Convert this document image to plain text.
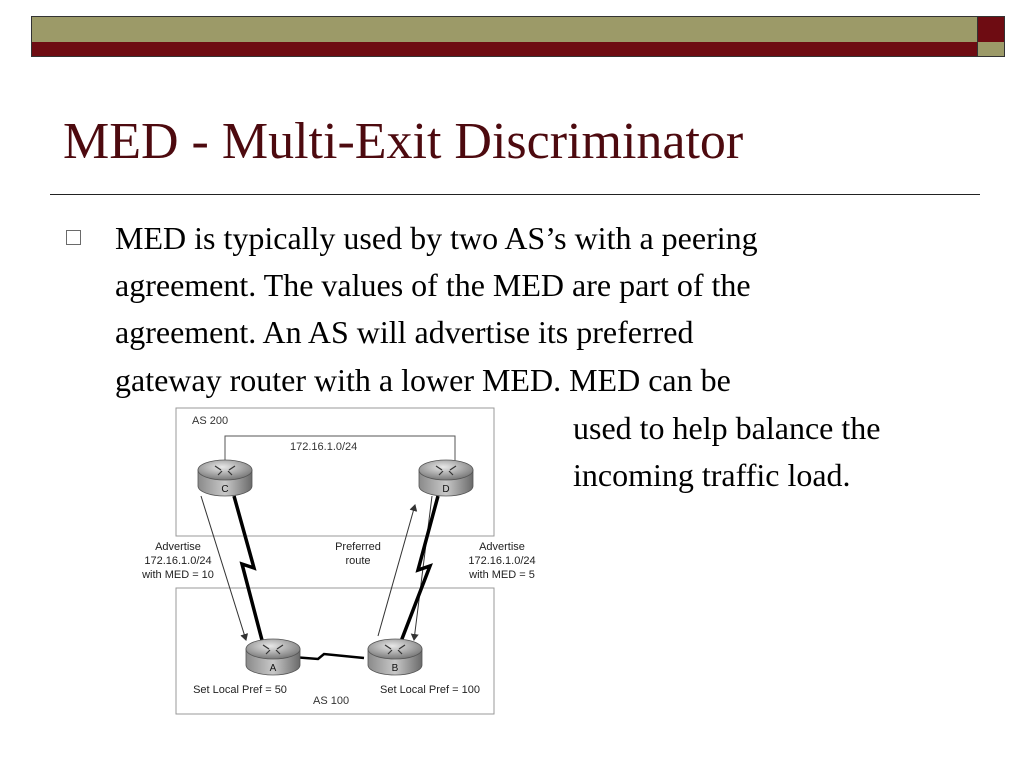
MED - Multi-Exit Discriminator
MED is typically used by two AS’s with a peering
agreement. The values of the MED are part of the
agreement. An AS will advertise its preferred
gateway router with a lower MED. MED can be
used to help balance the
incoming traffic load.
AS 200
AS 100
172.16.1.0/24
C	D
A	B
Advertise
172.16.1.0/24
with MED = 10
Preferred
route
Advertise
172.16.1.0/24
with MED = 5
Set Local Pref = 50	Set Local Pref = 100
